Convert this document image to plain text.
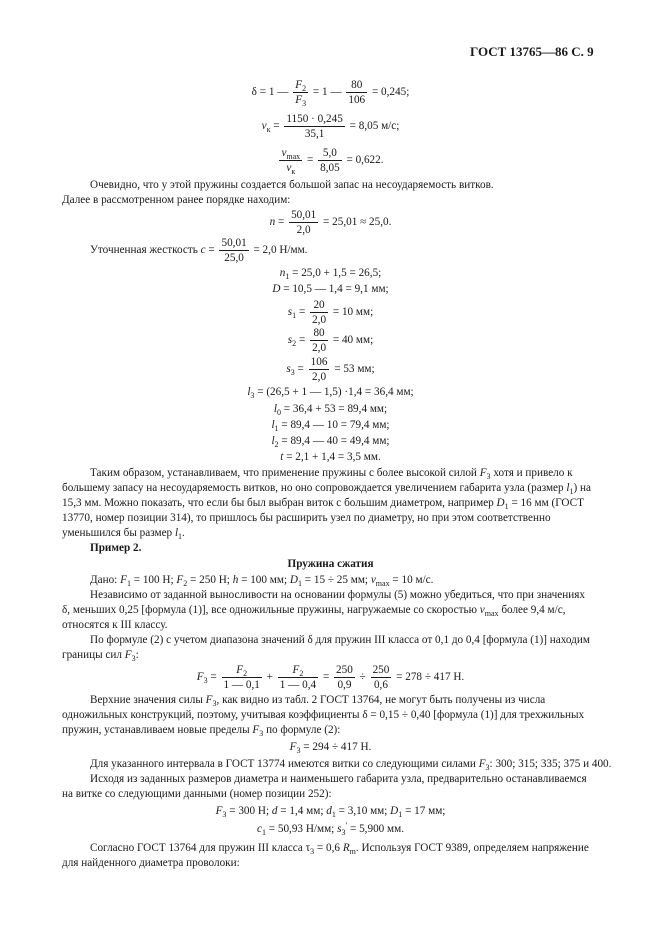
ГОСТ 13765—86 С. 9
δ = 1 — $\frac{F_2}{F_3} = 1$ — $\frac{80}{106} = 0,245$;
$v_к = \frac{1150 \cdot 0,245}{35,1} = 8,05$ м/с;
$\frac{v_{max}}{v_к} = \frac{5,0}{8,05} = 0,622$.
Очевидно, что у этой пружины создается большой запас на несоударяемость витков.
Далее в рассмотренном ранее порядке находим:
$n = \frac{50,01}{2,0} = 25,01 \approx 25,0$.
Уточненная жесткость $c = \frac{50,01}{25,0} = 2,0$ Н/мм.
$n_1 = 25,0 + 1,5 = 26,5$;
D = 10,5 — 1,4 = 9,1 мм;
$s_1 = \frac{20}{2,0} = 10$ мм;
$s_2 = \frac{80}{2,0} = 40$ мм;
$s_3 = \frac{106}{2,0} = 53$ мм;
$l_3 = (26,5 + 1$ — 1,5) ·1,4 = 36,4 мм;
$l_0 = 36,4 + 53 = 89,4$ мм;
$l_1 = 89,4$ — 10 = 79,4 мм;
$l_2 = 89,4$ — 40 = 49,4 мм;
t = 2,1 + 1,4 = 3,5 мм.
Таким образом, устанавливаем, что применение пружины с более высокой силой $F_3$ хотя и привело к
большему запасу на несоударяемость витков, но оно сопровождается увеличением габарита узла (размер $l_1$) на
15,3 мм. Можно показать, что если бы был выбран виток с большим диаметром, например $D_1 = 16$ мм (ГОСТ
13770, номер позиции 314), то пришлось бы расширить узел по диаметру, но при этом соответственно
уменьшился бы размер $l_1$.
Пример 2.
Пружина сжатия
Дано: $F_1 = 100$ Н; $F_2 = 250$ Н; h = 100 мм; $D_1 = 15 \div 25$ мм; $v_{max} = 10$ м/с.
Независимо от заданной выносливости на основании формулы (5) можно убедиться, что при значениях
δ, меньших 0,25 [формула (1)], все одножильные пружины, нагружаемые со скоростью $v_{max}$ более 9,4 м/с,
относятся к III классу.
По формуле (2) с учетом диапазона значений δ для пружин III класса от 0,1 до 0,4 [формула (1)] находим
границы сил $F_3$:
$F_3 = \frac{F_2}{1 — 0,1} + \frac{F_2}{1 — 0,4} = \frac{250}{0,9} \div \frac{250}{0,6} = 278 \div 417$ Н.
Верхние значения силы $F_3$, как видно из табл. 2 ГОСТ 13764, не могут быть получены из числа
одножильных конструкций, поэтому, учитывая коэффициенты δ = 0,15 ÷ 0,40 [формула (1)] для трехжильных
пружин, устанавливаем новые пределы $F_3$ по формуле (2):
$F_3 = 294 \div 417$ Н.
Для указанного интервала в ГОСТ 13774 имеются витки со следующими силами $F_3$: 300; 315; 335; 375 и 400.
Исходя из заданных размеров диаметра и наименьшего габарита узла, предварительно останавливаемся
на витке со следующими данными (номер позиции 252):
$F_3 = 300$ Н; d = 1,4 мм; $d_1 = 3,10$ мм; $D_1 = 17$ мм;
$c_1 = 50,93$ Н/мм; $s_3' = 5,900$ мм.
Согласно ГОСТ 13764 для пружин III класса $\tau_3 = 0,6$ $R_m$. Используя ГОСТ 9389, определяем напряжение
для найденного диаметра проволоки:
